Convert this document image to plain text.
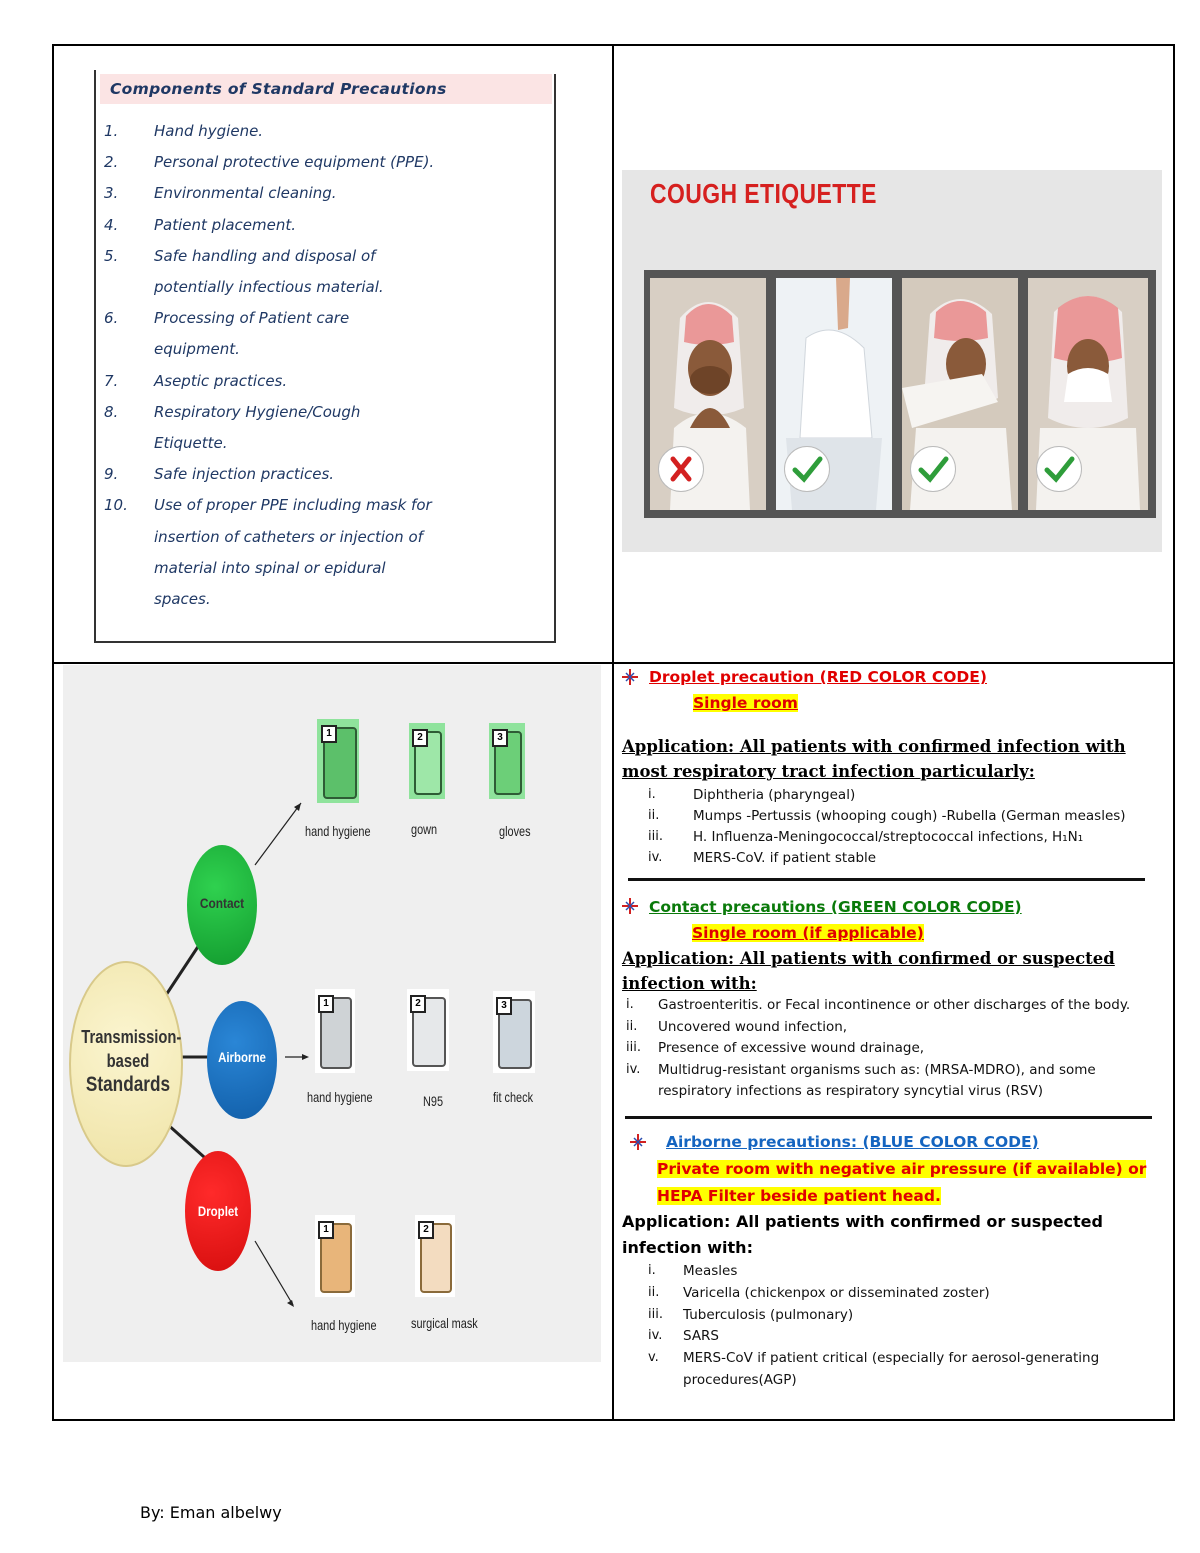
Components of Standard Precautions
1. Hand hygiene.
2. Personal protective equipment (PPE).
3. Environmental cleaning.
4. Patient placement.
5. Safe handling and disposal of
potentially infectious material.
6. Processing of Patient care
equipment.
7. Aseptic practices.
8. Respiratory Hygiene/Cough
Etiquette.
9. Safe injection practices.
10. Use of proper PPE including mask for
insertion of catheters or injection of
material into spinal or epidural
spaces.
COUGH ETIQUETTE
Transmission-
based
Standards
Contact
Airborne
Droplet
1	2	3
hand hygiene	gown	gloves
1	2	3
hand hygiene	N95	fit check
1	2
hand hygiene surgical mask
Droplet precaution (RED COLOR CODE)
Single room
Application: All patients with confirmed infection with
most respiratory tract infection particularly:
i.	Diphtheria (pharyngeal)
ii. Mumps -Pertussis (whooping cough) -Rubella (German measles)
iii. H. Influenza-Meningococcal/streptococcal infections, H₁N₁
iv. MERS-CoV. if patient stable
Contact precautions (GREEN COLOR CODE)
Single room (if applicable)
Application: All patients with confirmed or suspected
infection with:
i. Gastroenteritis. or Fecal incontinence or other discharges of the body.
ii. Uncovered wound infection,
iii. Presence of excessive wound drainage,
iv. Multidrug-resistant organisms such as: (MRSA-MDRO), and some
respiratory infections as respiratory syncytial virus (RSV)
Airborne precautions: (BLUE COLOR CODE)
Private room with negative air pressure (if available) or
HEPA Filter beside patient head.
Application: All patients with confirmed or suspected
infection with:
i. Measles
ii. Varicella (chickenpox or disseminated zoster)
iii. Tuberculosis (pulmonary)
iv. SARS
v. MERS-CoV if patient critical (especially for aerosol-generating
procedures(AGP)
By: Eman albelwy
